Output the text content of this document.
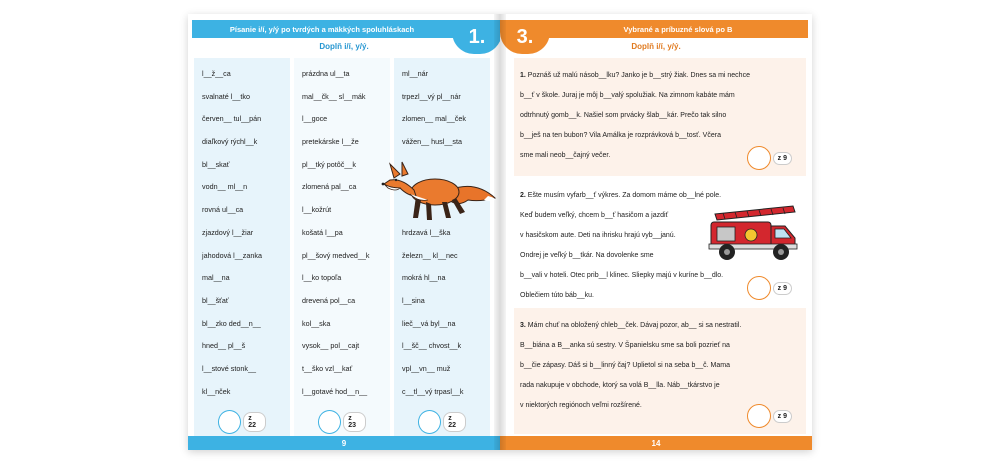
Písanie i/í, y/ý po tvrdých a mäkkých spoluhláskach	1.
Doplň i/í, y/ý.
l__ž__ca
svalnaté l__tko
červen__ tul__pán
diaľkový rýchl__k
bl__skať
vodn__ ml__n
rovná ul__ca
zjazdový l__žiar
jahodová l__zanka
mal__na
bl__šťať
bl__zko ded__n__
hned__ pl__š
l__stové stonk__
kl__nček
z 22
prázdna ul__ta
mal__čk__ sl__mák
l__goce
pretekárske l__že
pl__tký potôč__k
zlomená pal__ca
l__kožrút
košatá l__pa
pl__šový medved__k
l__ko topoľa
drevená pol__ca
kol__ska
vysok__ pol__cajt
t__ško vzl__kať
l__gotavé hod__n__
z 23
ml__nár
trpezl__vý pl__nár
zlomen__ mal__ček
vážen__ husl__sta
hrdzavá l__ška
železn__ kl__nec
mokrá hl__na
l__sina
lieč__vá byl__na
l__šč__ chvost__k
vpl__vn__ muž
c__tl__vý trpasl__k
z 22
9
Vybrané a príbuzné slová po B
3.	Doplň i/í, y/ý.
1. Poznáš už malú násob__lku? Janko je b__strý žiak. Dnes sa mi nechce
b__ť v škole. Juraj je môj b__valý spolužiak. Na zimnom kabáte mám
odtrhnutý gomb__k. Našiel som prvácky šlab__kár. Prečo tak silno
b__ješ na ten bubon? Vila Amálka je rozprávková b__tosť. Včera
sme mali neob__čajný večer.	z 9
2. Ešte musím vyfarb__ť výkres. Za domom máme ob__lné pole.
Keď budem veľký, chcem b__ť hasičom a jazdiť
v hasičskom aute. Deti na ihrisku hrajú vyb__janú.
Ondrej je veľký b__tkár. Na dovolenke sme
b__vali v hoteli. Otec prib__l klinec. Sliepky majú v kuríne b__dlo.
Oblečiem túto báb__ku.
z 9
3. Mám chuť na obložený chleb__ček. Dávaj pozor, ab__ si sa nestratil.
B__biána a B__anka sú sestry. V Španielsku sme sa boli pozrieť na
b__čie zápasy. Dáš si b__linný čaj? Uplietol si na seba b__č. Mama
rada nakupuje v obchode, ktorý sa volá B__lla. Náb__tkárstvo je
v niektorých regiónoch veľmi rozšírené.
z 9
14
